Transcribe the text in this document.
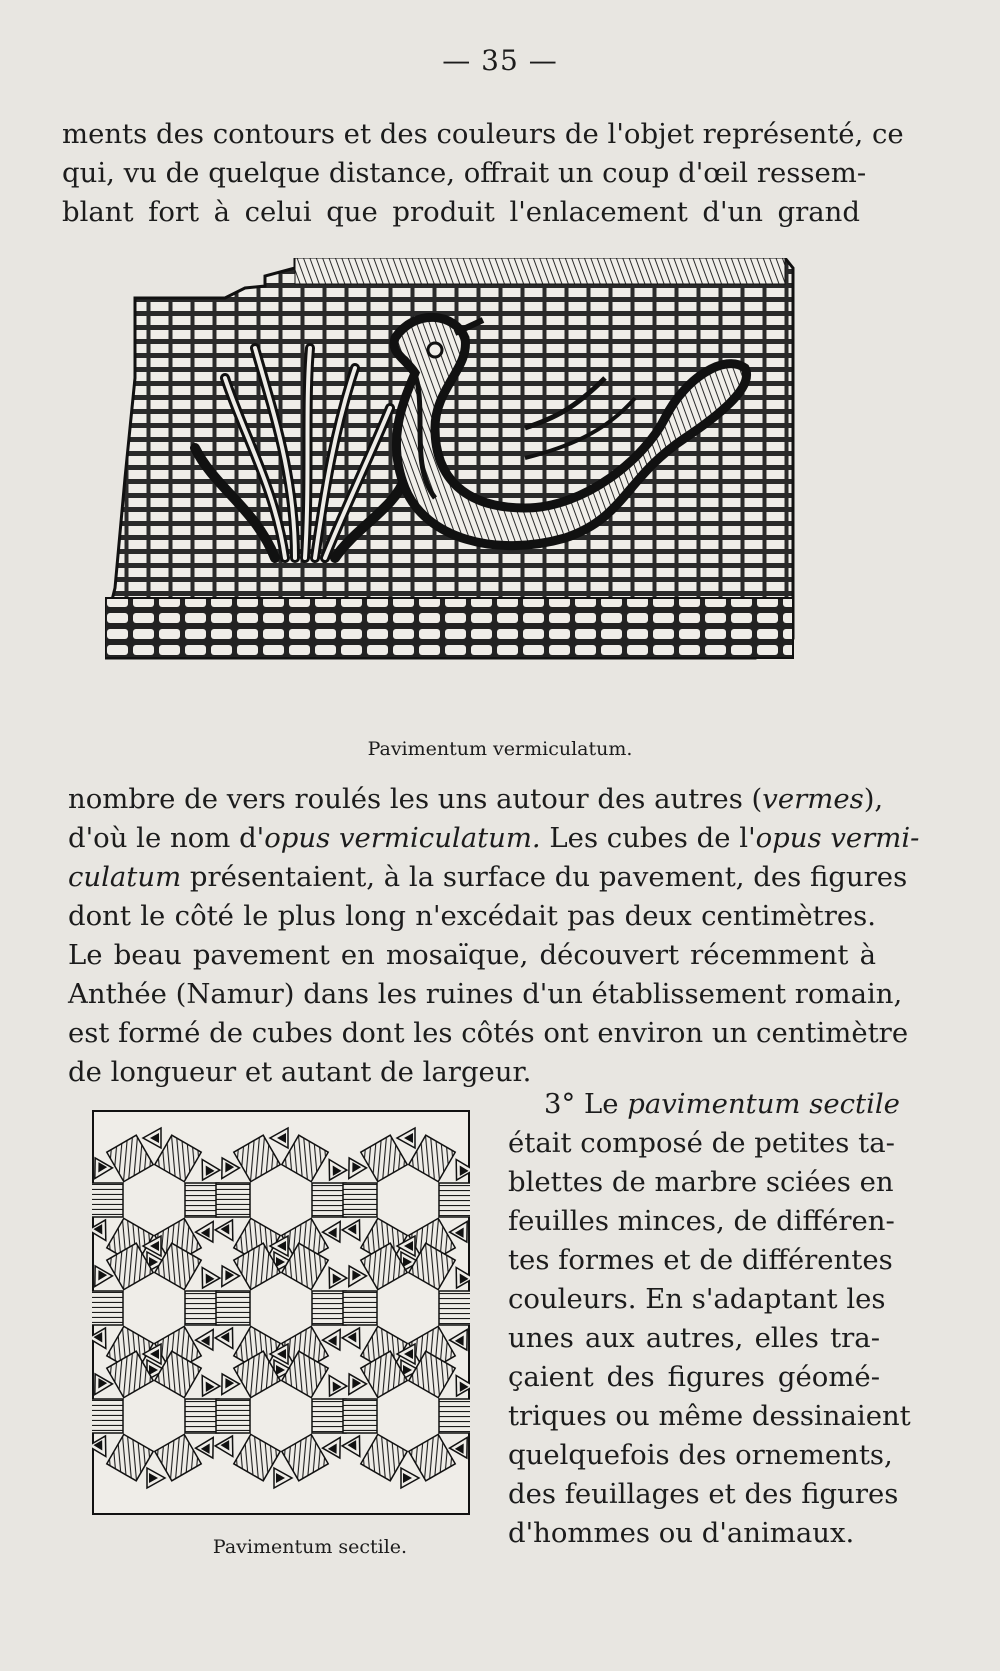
— 35 —

ments des contours et des couleurs de l'objet représenté, ce
qui, vu de quelque distance, offrait un coup d'œil ressem-
blant fort à celui que produit l'enlacement d'un grand

Pavimentum vermiculatum.

nombre de vers roulés les uns autour des autres (vermes),
d'où le nom d'opus vermiculatum. Les cubes de l'opus vermi-
culatum présentaient, à la surface du pavement, des figures
dont le côté le plus long n'excédait pas deux centimètres.
Le beau pavement en mosaïque, découvert récemment à
Anthée (Namur) dans les ruines d'un établissement romain,
est formé de cubes dont les côtés ont environ un centimètre
de longueur et autant de largeur.

Pavimentum sectile.

3° Le pavimentum sectile
était composé de petites ta-
blettes de marbre sciées en
feuilles minces, de différen-
tes formes et de différentes
couleurs. En s'adaptant les
unes aux autres, elles tra-
çaient des figures géomé-
triques ou même dessinaient
quelquefois des ornements,
des feuillages et des figures
d'hommes ou d'animaux.
